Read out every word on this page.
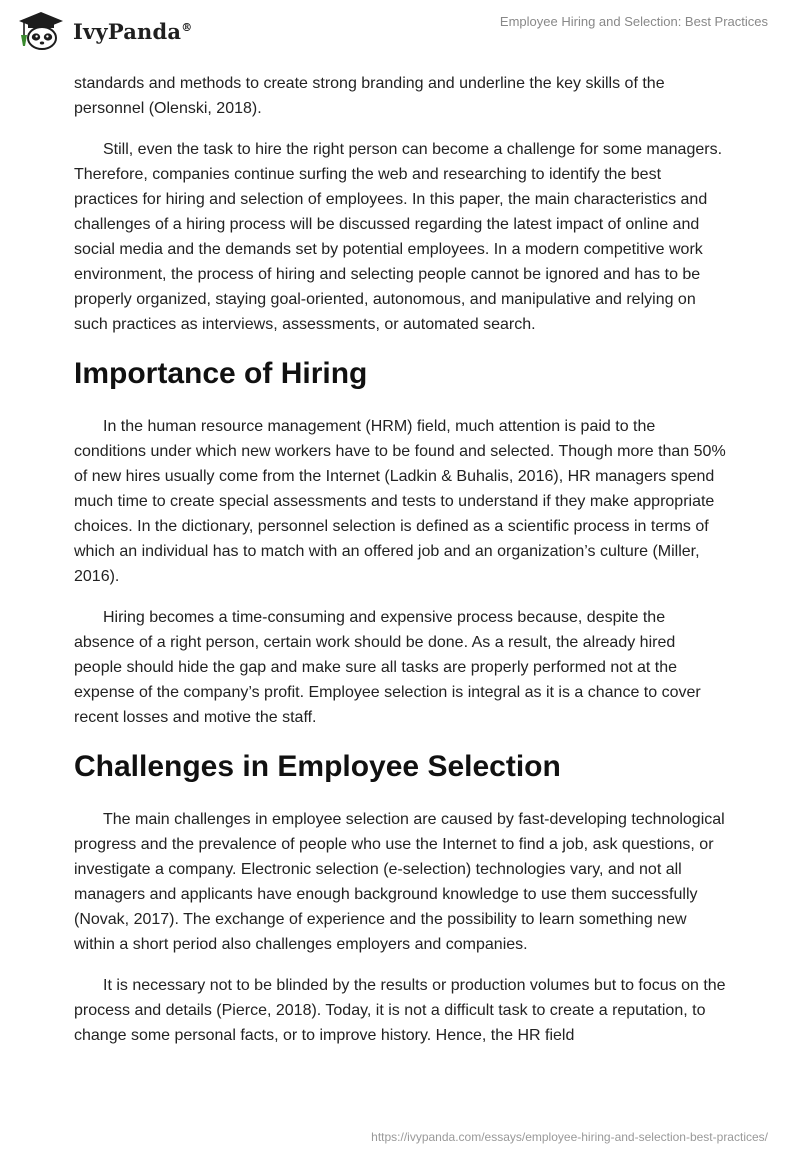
IvyPanda®	Employee Hiring and Selection: Best Practices

standards and methods to create strong branding and underline the key skills of the personnel (Olenski, 2018).

Still, even the task to hire the right person can become a challenge for some managers. Therefore, companies continue surfing the web and researching to identify the best practices for hiring and selection of employees. In this paper, the main characteristics and challenges of a hiring process will be discussed regarding the latest impact of online and social media and the demands set by potential employees. In a modern competitive work environment, the process of hiring and selecting people cannot be ignored and has to be properly organized, staying goal-oriented, autonomous, and manipulative and relying on such practices as interviews, assessments, or automated search.

Importance of Hiring

In the human resource management (HRM) field, much attention is paid to the conditions under which new workers have to be found and selected. Though more than 50% of new hires usually come from the Internet (Ladkin & Buhalis, 2016), HR managers spend much time to create special assessments and tests to understand if they make appropriate choices. In the dictionary, personnel selection is defined as a scientific process in terms of which an individual has to match with an offered job and an organization’s culture (Miller, 2016).

Hiring becomes a time-consuming and expensive process because, despite the absence of a right person, certain work should be done. As a result, the already hired people should hide the gap and make sure all tasks are properly performed not at the expense of the company’s profit. Employee selection is integral as it is a chance to cover recent losses and motive the staff.

Challenges in Employee Selection

The main challenges in employee selection are caused by fast-developing technological progress and the prevalence of people who use the Internet to find a job, ask questions, or investigate a company. Electronic selection (e-selection) technologies vary, and not all managers and applicants have enough background knowledge to use them successfully (Novak, 2017). The exchange of experience and the possibility to learn something new within a short period also challenges employers and companies.

It is necessary not to be blinded by the results or production volumes but to focus on the process and details (Pierce, 2018). Today, it is not a difficult task to create a reputation, to change some personal facts, or to improve history. Hence, the HR field

https://ivypanda.com/essays/employee-hiring-and-selection-best-practices/
